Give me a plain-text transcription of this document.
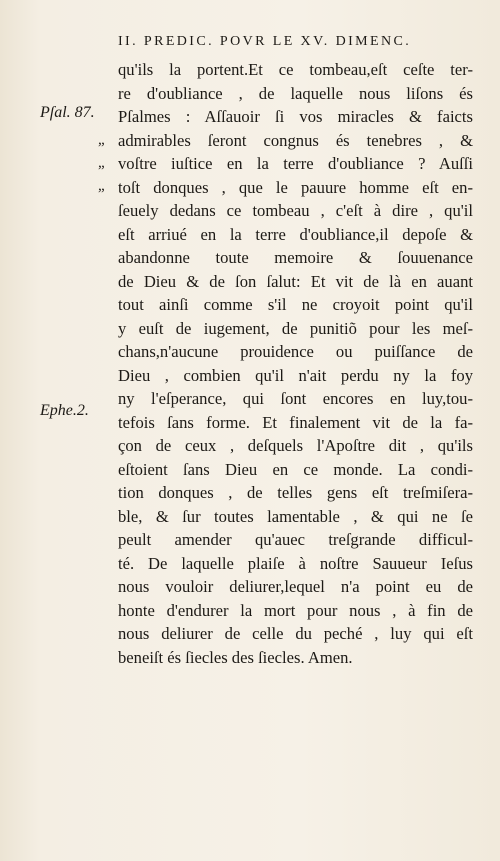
II. PREDIC. POVR LE XV. DIMENC.
Pſal. 87.
„
„
„
Ephe.2.
qu'ils la portent.Et ce tombeau,eſt ceſte ter-
re d'oubliance , de laquelle nous liſons és
Pſalmes : Aſſauoir ſi vos miracles & faicts
admirables ſeront congnus és tenebres , &
voſtre iuſtice en la terre d'oubliance ? Auſſi
toſt donques , que le pauure homme eſt en-
ſeuely dedans ce tombeau , c'eſt à dire , qu'il
eſt arriué en la terre d'oubliance,il depoſe &
abandonne toute memoire & ſouuenance
de Dieu & de ſon ſalut: Et vit de là en auant
tout ainſi comme s'il ne croyoit point qu'il
y euſt de iugement, de punitiõ pour les meſ-
chans,n'aucune prouidence ou puiſſance de
Dieu , combien qu'il n'ait perdu ny la foy
ny l'eſperance, qui ſont encores en luy,tou-
tefois ſans forme. Et finalement vit de la fa-
çon de ceux , deſquels l'Apoſtre dit , qu'ils
eſtoient ſans Dieu en ce monde. La condi-
tion donques , de telles gens eſt treſmiſera-
ble, & ſur toutes lamentable , & qui ne ſe
peult amender qu'auec treſgrande difficul-
té. De laquelle plaiſe à noſtre Sauueur Ieſus
nous vouloir deliurer,lequel n'a point eu de
honte d'endurer la mort pour nous , à fin de
nous deliurer de celle du peché , luy qui eſt
beneiſt és ſiecles des ſiecles. Amen.
